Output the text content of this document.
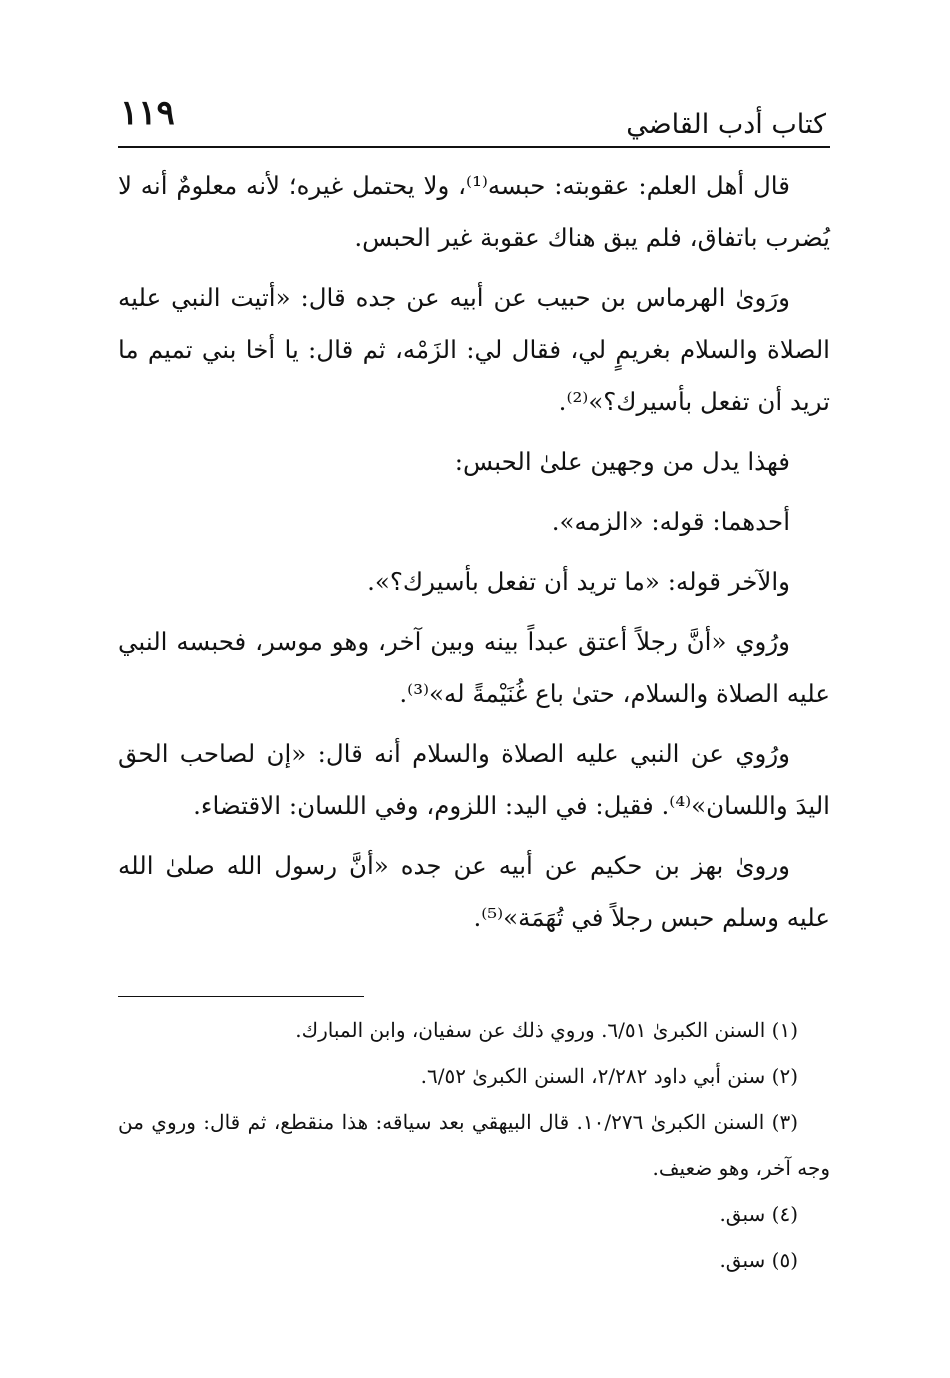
كتاب أدب القاضي
١١٩

قال أهل العلم: عقوبته: حبسه⁽¹⁾، ولا يحتمل غيره؛ لأنه معلومٌ أنه لا يُضرب باتفاق، فلم يبق هناك عقوبة غير الحبس.

ورَوىٰ الهرماس بن حبيب عن أبيه عن جده قال: «أتيت النبي عليه الصلاة والسلام بغريمٍ لي، فقال لي: الزَمْه، ثم قال: يا أخا بني تميم ما تريد أن تفعل بأسيرك؟»⁽²⁾.

فهذا يدل من وجهين علىٰ الحبس:

أحدهما: قوله: «الزمه».

والآخر قوله: «ما تريد أن تفعل بأسيرك؟».

ورُوي «أنَّ رجلاً أعتق عبداً بينه وبين آخر، وهو موسر، فحبسه النبي عليه الصلاة والسلام، حتىٰ باع غُنَيْمةً له»⁽³⁾.

ورُوي عن النبي عليه الصلاة والسلام أنه قال: «إن لصاحب الحق اليدَ واللسان»⁽⁴⁾. فقيل: في اليد: اللزوم، وفي اللسان: الاقتضاء.

وروىٰ بهز بن حكيم عن أبيه عن جده «أنَّ رسول الله صلىٰ الله عليه وسلم حبس رجلاً في تُهَمَة»⁽⁵⁾.

(١) السنن الكبرىٰ ٦/٥١. وروي ذلك عن سفيان، وابن المبارك.

(٢) سنن أبي داود ٢/٢٨٢، السنن الكبرىٰ ٦/٥٢.

(٣) السنن الكبرىٰ ١٠/٢٧٦. قال البيهقي بعد سياقه: هذا منقطع، ثم قال: وروي من وجه آخر، وهو ضعيف.

(٤) سبق.

(٥) سبق.
